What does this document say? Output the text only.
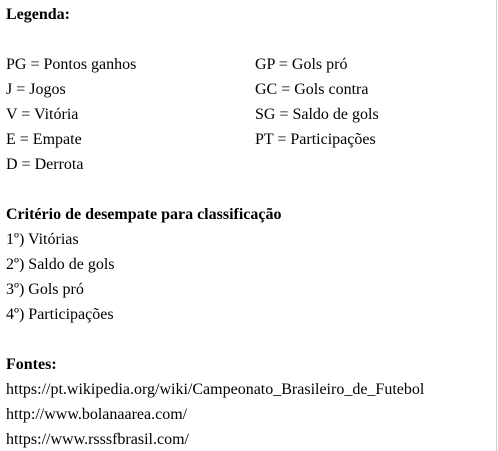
Legenda:
PG = Pontos ganhos
J = Jogos
V = Vitória
E = Empate
D = Derrota
GP = Gols pró
GC = Gols contra
SG = Saldo de gols
PT = Participações
Critério de desempate para classificação
1º) Vitórias
2º) Saldo de gols
3º) Gols pró
4º) Participações
Fontes:
https://pt.wikipedia.org/wiki/Campeonato_Brasileiro_de_Futebol
http://www.bolanaarea.com/
https://www.rsssfbrasil.com/
